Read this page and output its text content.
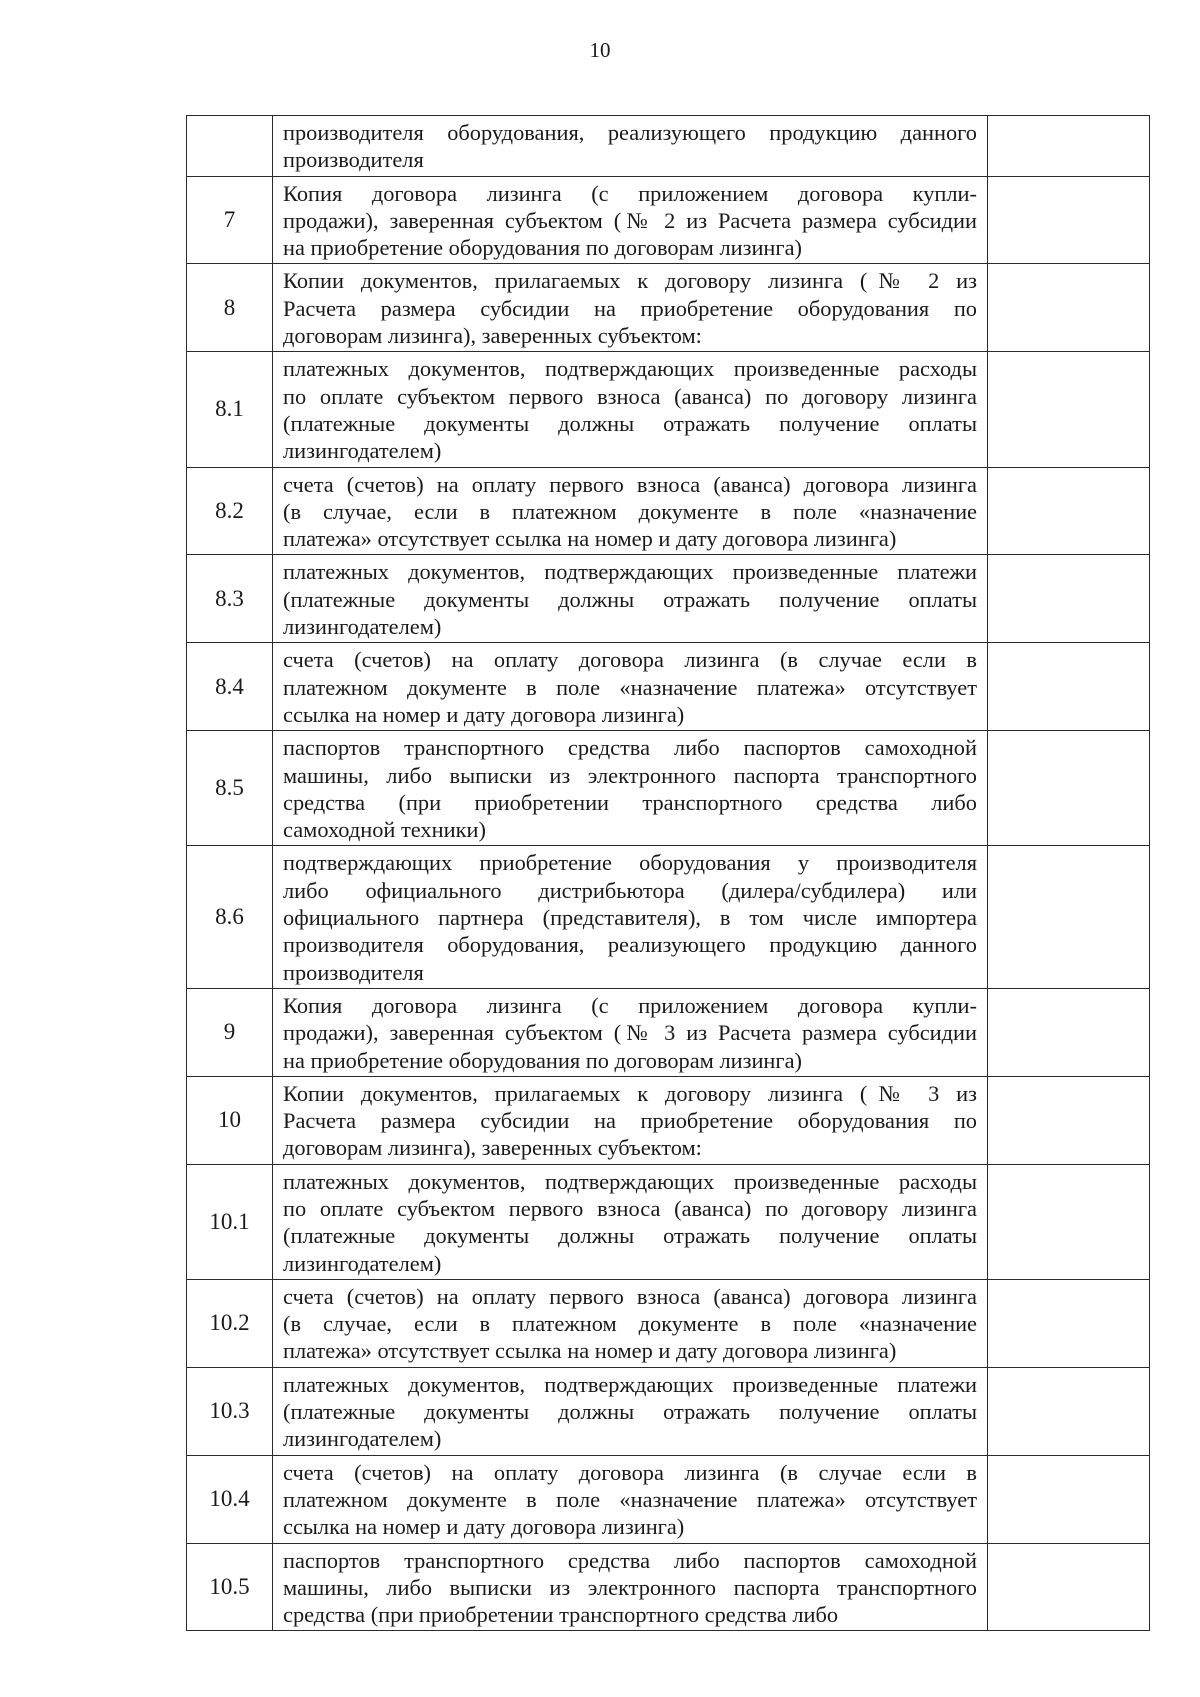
10

	производителя оборудования, реализующего продукцию данного
производителя	

7	Копия договора лизинга (с приложением договора купли-
продажи), заверенная субъектом (№ 2 из Расчета размера субсидии
на приобретение оборудования по договорам лизинга)	

8	Копии документов, прилагаемых к договору лизинга (№ 2 из
Расчета размера субсидии на приобретение оборудования по
договорам лизинга), заверенных субъектом:	

8.1	платежных документов, подтверждающих произведенные расходы
по оплате субъектом первого взноса (аванса) по договору лизинга
(платежные документы должны отражать получение оплаты
лизингодателем)	

8.2	счета (счетов) на оплату первого взноса (аванса) договора лизинга
(в случае, если в платежном документе в поле «назначение
платежа» отсутствует ссылка на номер и дату договора лизинга)	

8.3	платежных документов, подтверждающих произведенные платежи
(платежные документы должны отражать получение оплаты
лизингодателем)	

8.4	счета (счетов) на оплату договора лизинга (в случае если в
платежном документе в поле «назначение платежа» отсутствует
ссылка на номер и дату договора лизинга)	

8.5	паспортов транспортного средства либо паспортов самоходной
машины, либо выписки из электронного паспорта транспортного
средства (при приобретении транспортного средства либо
самоходной техники)	

8.6	подтверждающих приобретение оборудования у производителя
либо официального дистрибьютора (дилера/субдилера) или
официального партнера (представителя), в том числе импортера
производителя оборудования, реализующего продукцию данного
производителя	

9	Копия договора лизинга (с приложением договора купли-
продажи), заверенная субъектом (№ 3 из Расчета размера субсидии
на приобретение оборудования по договорам лизинга)	

10	Копии документов, прилагаемых к договору лизинга (№ 3 из
Расчета размера субсидии на приобретение оборудования по
договорам лизинга), заверенных субъектом:	

10.1	платежных документов, подтверждающих произведенные расходы
по оплате субъектом первого взноса (аванса) по договору лизинга
(платежные документы должны отражать получение оплаты
лизингодателем)	

10.2	счета (счетов) на оплату первого взноса (аванса) договора лизинга
(в случае, если в платежном документе в поле «назначение
платежа» отсутствует ссылка на номер и дату договора лизинга)	

10.3	платежных документов, подтверждающих произведенные платежи
(платежные документы должны отражать получение оплаты
лизингодателем)	

10.4	счета (счетов) на оплату договора лизинга (в случае если в
платежном документе в поле «назначение платежа» отсутствует
ссылка на номер и дату договора лизинга)	

10.5	паспортов транспортного средства либо паспортов самоходной
машины, либо выписки из электронного паспорта транспортного
средства (при приобретении транспортного средства либо	
